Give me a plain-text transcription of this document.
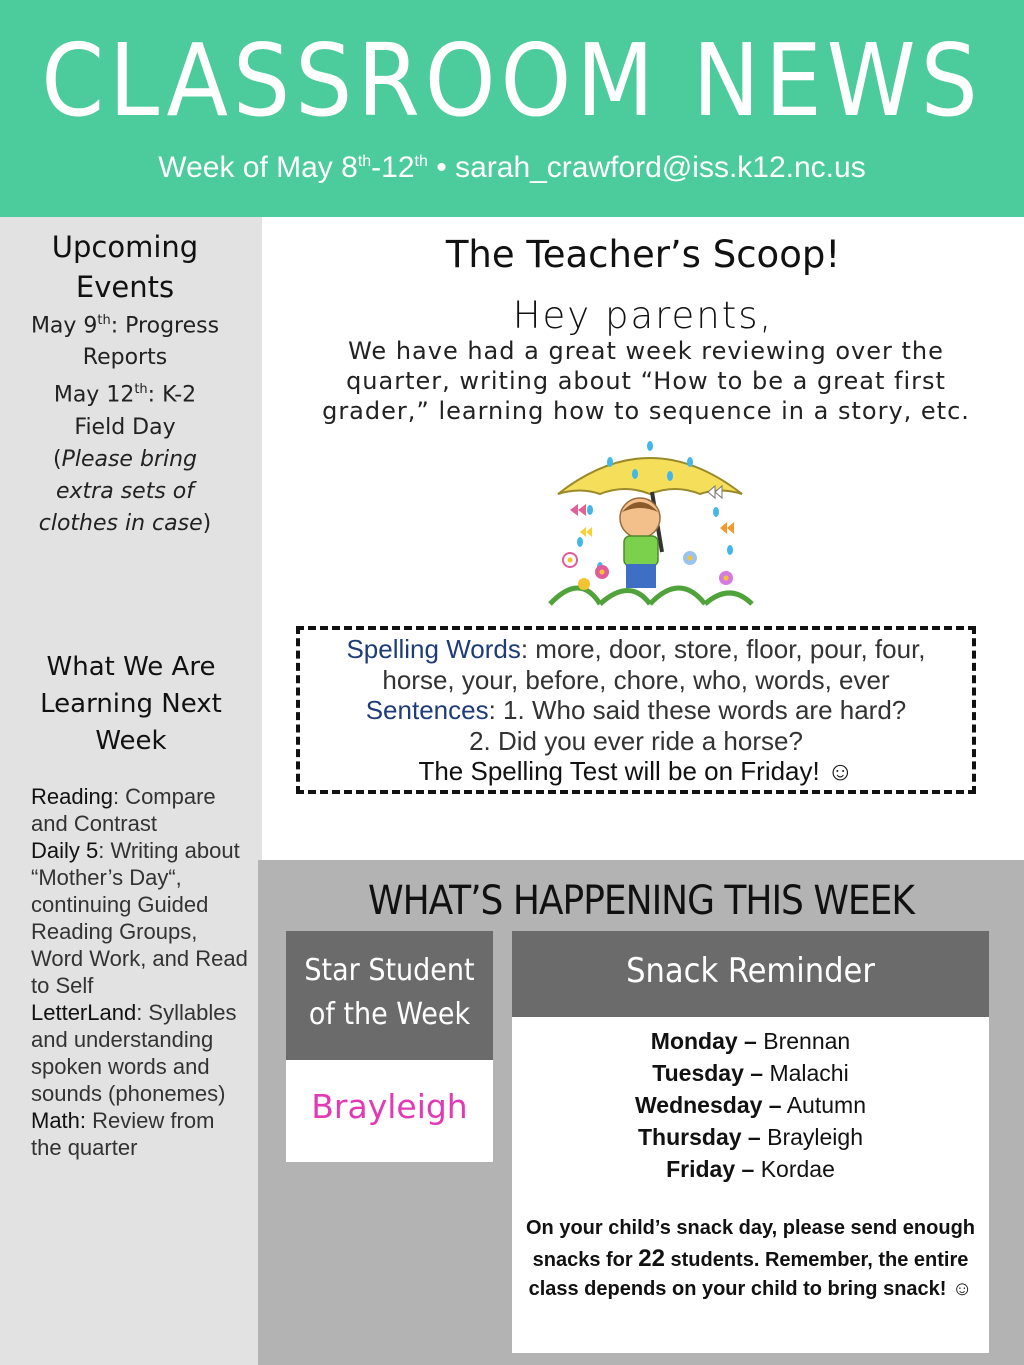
CLASSROOM NEWS
Week of May 8th-12th • sarah_crawford@iss.k12.nc.us
Upcoming
Events
May 9th: Progress
Reports
May 12th: K-2
Field Day
(Please bring
extra sets of
clothes in case)
What We Are
Learning Next
Week
Reading: Compare and Contrast
Daily 5: Writing about “Mother’s Day“, continuing Guided Reading Groups, Word Work, and Read to Self
LetterLand: Syllables and understanding spoken words and sounds (phonemes)
Math: Review from the quarter
The Teacher’s Scoop!
Hey parents,
We have had a great week reviewing over the quarter, writing about “How to be a great first grader,” learning how to sequence in a story, etc.
Spelling Words: more, door, store, floor, pour, four,
horse, your, before, chore, who, words, ever
Sentences: 1. Who said these words are hard?
2. Did you ever ride a horse?
The Spelling Test will be on Friday! ☺
WHAT’S HAPPENING THIS WEEK
Star Student
of the Week
Brayleigh
Snack Reminder
Monday – Brennan
Tuesday – Malachi
Wednesday – Autumn
Thursday – Brayleigh
Friday – Kordae
On your child’s snack day, please send enough snacks for 22 students. Remember, the entire class depends on your child to bring snack! ☺
